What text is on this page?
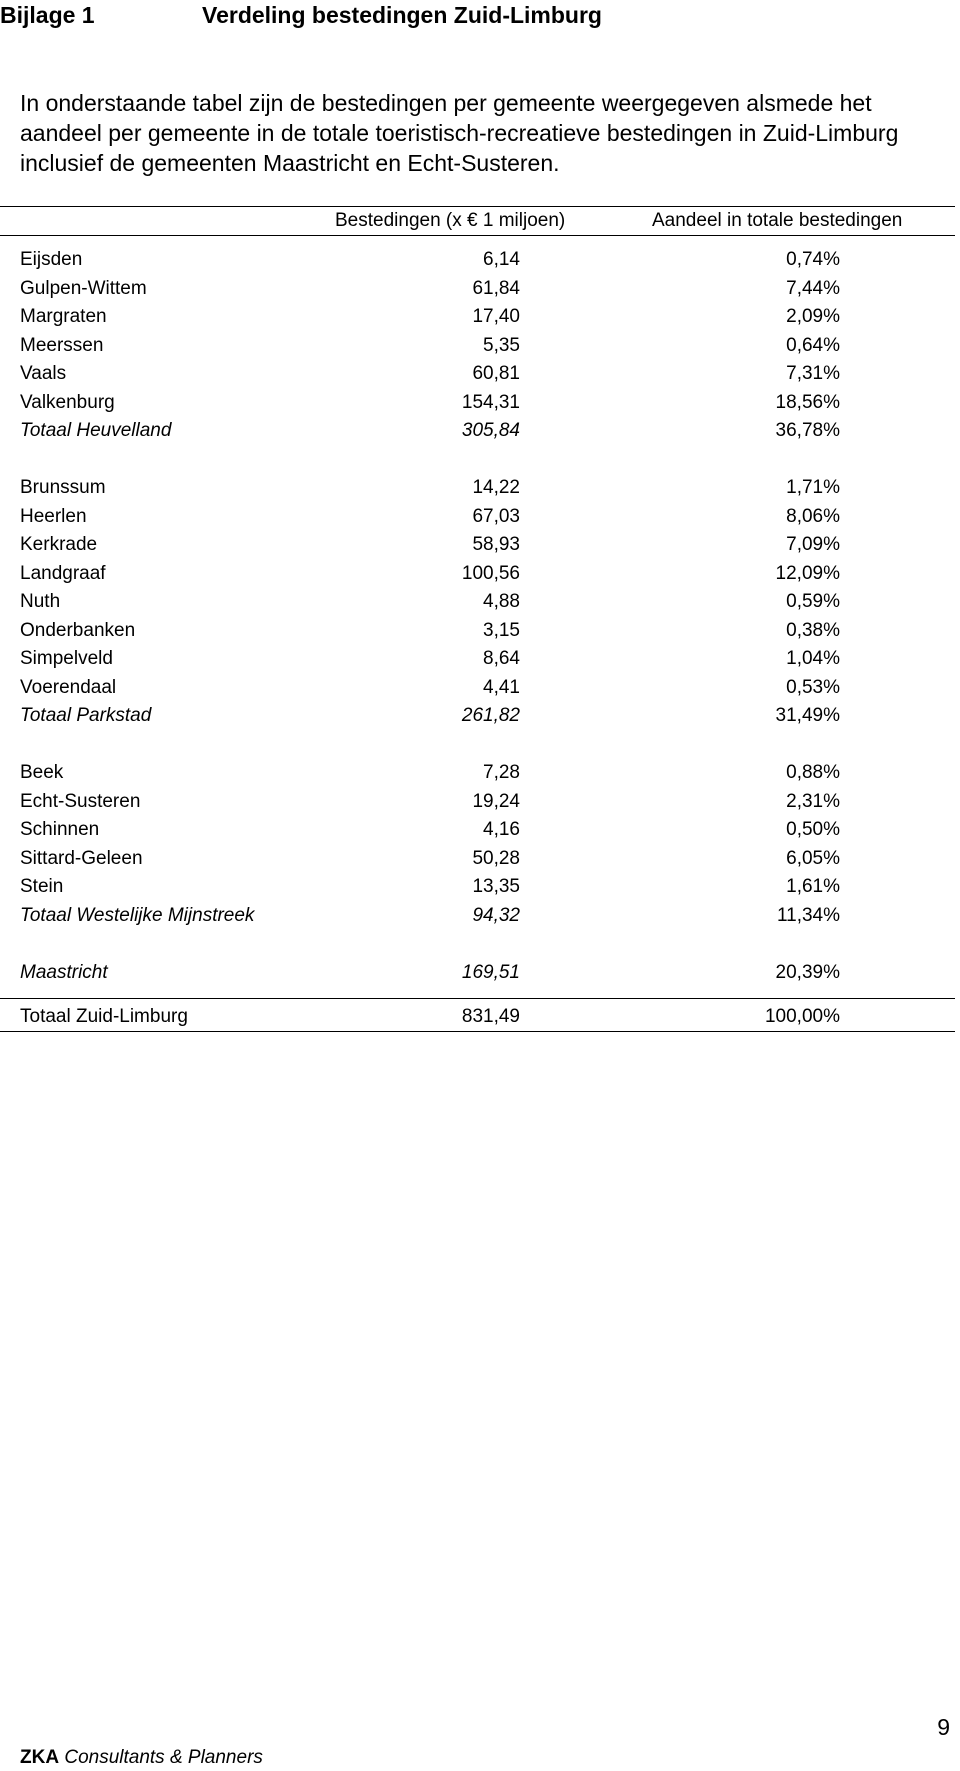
Bijlage 1	Verdeling bestedingen Zuid-Limburg
In onderstaande tabel zijn de bestedingen per gemeente weergegeven alsmede het aandeel per gemeente in de totale toeristisch-recreatieve bestedingen in Zuid-Limburg inclusief de gemeenten Maastricht en Echt-Susteren.
Bestedingen (x € 1 miljoen)	Aandeel in totale bestedingen
Eijsden	6,14	0,74%
Gulpen-Wittem	61,84	7,44%
Margraten	17,40	2,09%
Meerssen	5,35	0,64%
Vaals	60,81	7,31%
Valkenburg	154,31	18,56%
Totaal Heuvelland	305,84	36,78%
Brunssum	14,22	1,71%
Heerlen	67,03	8,06%
Kerkrade	58,93	7,09%
Landgraaf	100,56	12,09%
Nuth	4,88	0,59%
Onderbanken	3,15	0,38%
Simpelveld	8,64	1,04%
Voerendaal	4,41	0,53%
Totaal Parkstad	261,82	31,49%
Beek	7,28	0,88%
Echt-Susteren	19,24	2,31%
Schinnen	4,16	0,50%
Sittard-Geleen	50,28	6,05%
Stein	13,35	1,61%
Totaal Westelijke Mijnstreek	94,32	11,34%
Maastricht	169,51	20,39%
Totaal Zuid-Limburg	831,49	100,00%
ZKA Consultants & Planners
9
